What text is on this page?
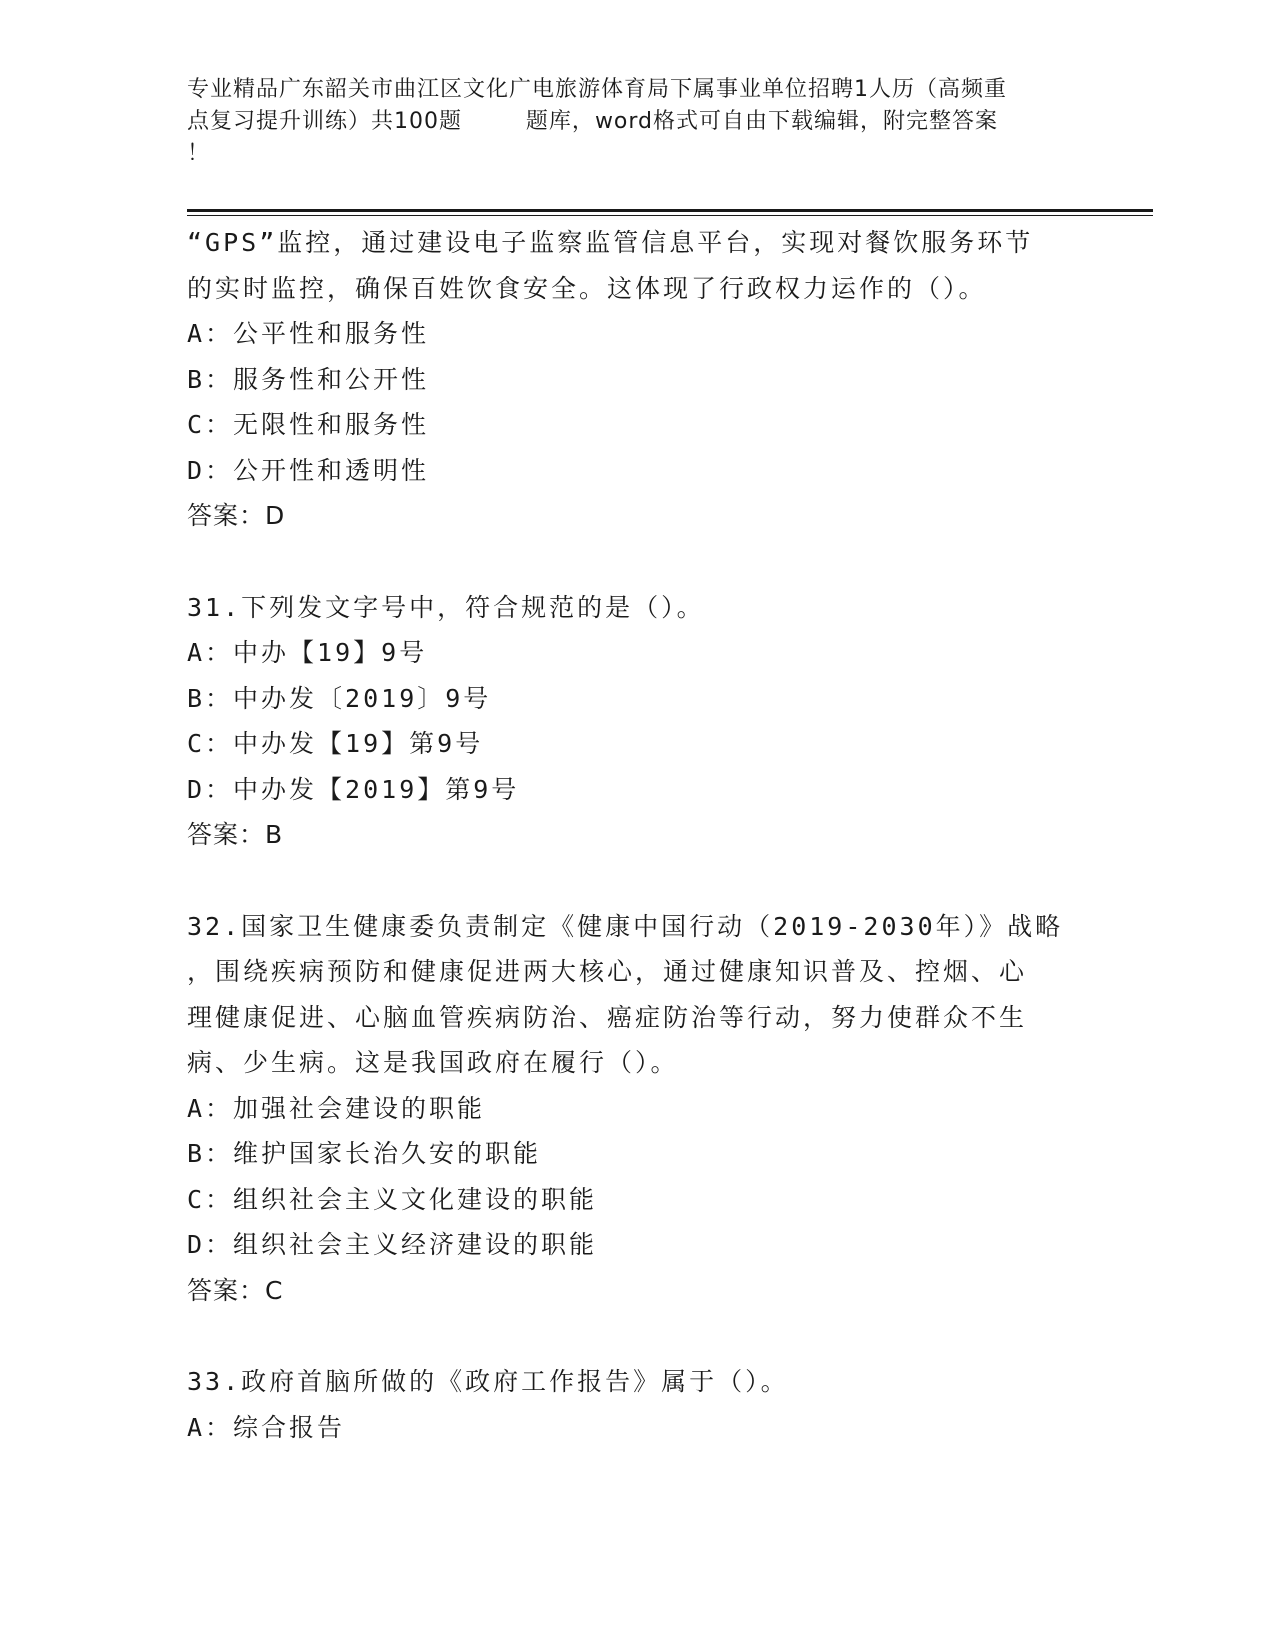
专业精品广东韶关市曲江区文化广电旅游体育局下属事业单位招聘1人历（高频重
点复习提升训练）共100题        题库，word格式可自由下载编辑，附完整答案
！
“GPS”监控，通过建设电子监察监管信息平台，实现对餐饮服务环节
的实时监控，确保百姓饮食安全。这体现了行政权力运作的（）。
A：公平性和服务性
B：服务性和公开性
C：无限性和服务性
D：公开性和透明性
答案：D
31.下列发文字号中，符合规范的是（）。
A：中办【19】9号
B：中办发〔2019〕9号
C：中办发【19】第9号
D：中办发【2019】第9号
答案：B
32.国家卫生健康委负责制定《健康中国行动（2019-2030年）》战略
，围绕疾病预防和健康促进两大核心，通过健康知识普及、控烟、心
理健康促进、心脑血管疾病防治、癌症防治等行动，努力使群众不生
病、少生病。这是我国政府在履行（）。
A：加强社会建设的职能
B：维护国家长治久安的职能
C：组织社会主义文化建设的职能
D：组织社会主义经济建设的职能
答案：C
33.政府首脑所做的《政府工作报告》属于（）。
A：综合报告
